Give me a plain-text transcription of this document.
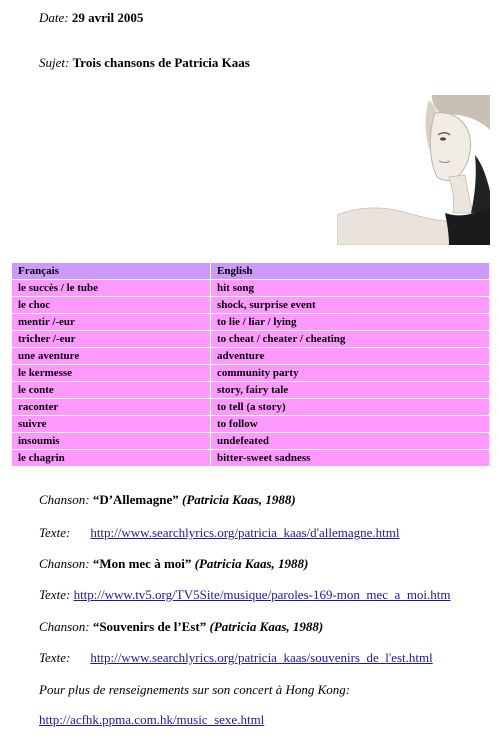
Date: 29 avril 2005
Sujet: Trois chansons de Patricia Kaas
Français	English
le succès / le tube	hit song
le choc	shock, surprise event
mentir /-eur	to lie / liar / lying
tricher /-eur	to cheat / cheater / cheating
une aventure	adventure
le kermesse	community party
le conte	story, fairy tale
raconter	to tell (a story)
suivre	to follow
insoumis	undefeated
le chagrin	bitter-sweet sadness
Chanson: “D’Allemagne” (Patricia Kaas, 1988)
Texte: http://www.searchlyrics.org/patricia_kaas/d'allemagne.html
Chanson: “Mon mec à moi” (Patricia Kaas, 1988)
Texte: http://www.tv5.org/TV5Site/musique/paroles-169-mon_mec_a_moi.htm
Chanson: “Souvenirs de l’Est” (Patricia Kaas, 1988)
Texte: http://www.searchlyrics.org/patricia_kaas/souvenirs_de_l'est.html
Pour plus de renseignements sur son concert à Hong Kong:
http://acfhk.ppma.com.hk/music_sexe.html
